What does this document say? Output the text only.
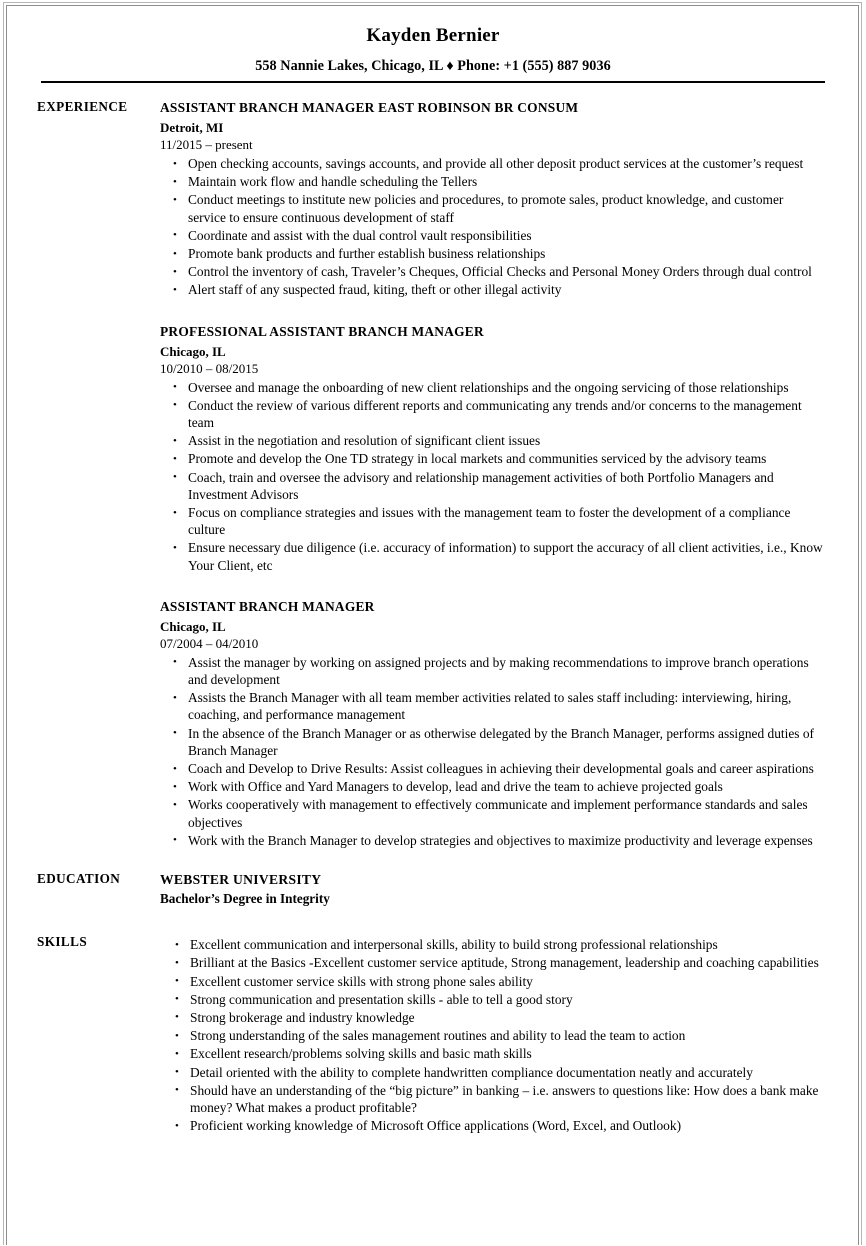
Kayden Bernier
558 Nannie Lakes, Chicago, IL ♦ Phone: +1 (555) 887 9036
EXPERIENCE	ASSISTANT BRANCH MANAGER EAST ROBINSON BR CONSUM
Detroit, MI
11/2015 – present
• Open checking accounts, savings accounts, and provide all other deposit product services at the customer’s request
• Maintain work flow and handle scheduling the Tellers
• Conduct meetings to institute new policies and procedures, to promote sales, product knowledge, and customer service to ensure continuous development of staff
• Coordinate and assist with the dual control vault responsibilities
• Promote bank products and further establish business relationships
• Control the inventory of cash, Traveler’s Cheques, Official Checks and Personal Money Orders through dual control
• Alert staff of any suspected fraud, kiting, theft or other illegal activity
PROFESSIONAL ASSISTANT BRANCH MANAGER
Chicago, IL
10/2010 – 08/2015
• Oversee and manage the onboarding of new client relationships and the ongoing servicing of those relationships
• Conduct the review of various different reports and communicating any trends and/or concerns to the management team
• Assist in the negotiation and resolution of significant client issues
• Promote and develop the One TD strategy in local markets and communities serviced by the advisory teams
• Coach, train and oversee the advisory and relationship management activities of both Portfolio Managers and Investment Advisors
• Focus on compliance strategies and issues with the management team to foster the development of a compliance culture
• Ensure necessary due diligence (i.e. accuracy of information) to support the accuracy of all client activities, i.e., Know Your Client, etc
ASSISTANT BRANCH MANAGER
Chicago, IL
07/2004 – 04/2010
• Assist the manager by working on assigned projects and by making recommendations to improve branch operations and development
• Assists the Branch Manager with all team member activities related to sales staff including: interviewing, hiring, coaching, and performance management
• In the absence of the Branch Manager or as otherwise delegated by the Branch Manager, performs assigned duties of Branch Manager
• Coach and Develop to Drive Results: Assist colleagues in achieving their developmental goals and career aspirations
• Work with Office and Yard Managers to develop, lead and drive the team to achieve projected goals
• Works cooperatively with management to effectively communicate and implement performance standards and sales objectives
• Work with the Branch Manager to develop strategies and objectives to maximize productivity and leverage expenses
EDUCATION	WEBSTER UNIVERSITY
Bachelor’s Degree in Integrity
SKILLS	• Excellent communication and interpersonal skills, ability to build strong professional relationships
• Brilliant at the Basics -Excellent customer service aptitude, Strong management, leadership and coaching capabilities
• Excellent customer service skills with strong phone sales ability
• Strong communication and presentation skills - able to tell a good story
• Strong brokerage and industry knowledge
• Strong understanding of the sales management routines and ability to lead the team to action
• Excellent research/problems solving skills and basic math skills
• Detail oriented with the ability to complete handwritten compliance documentation neatly and accurately
• Should have an understanding of the “big picture” in banking – i.e. answers to questions like: How does a bank make money? What makes a product profitable?
• Proficient working knowledge of Microsoft Office applications (Word, Excel, and Outlook)
